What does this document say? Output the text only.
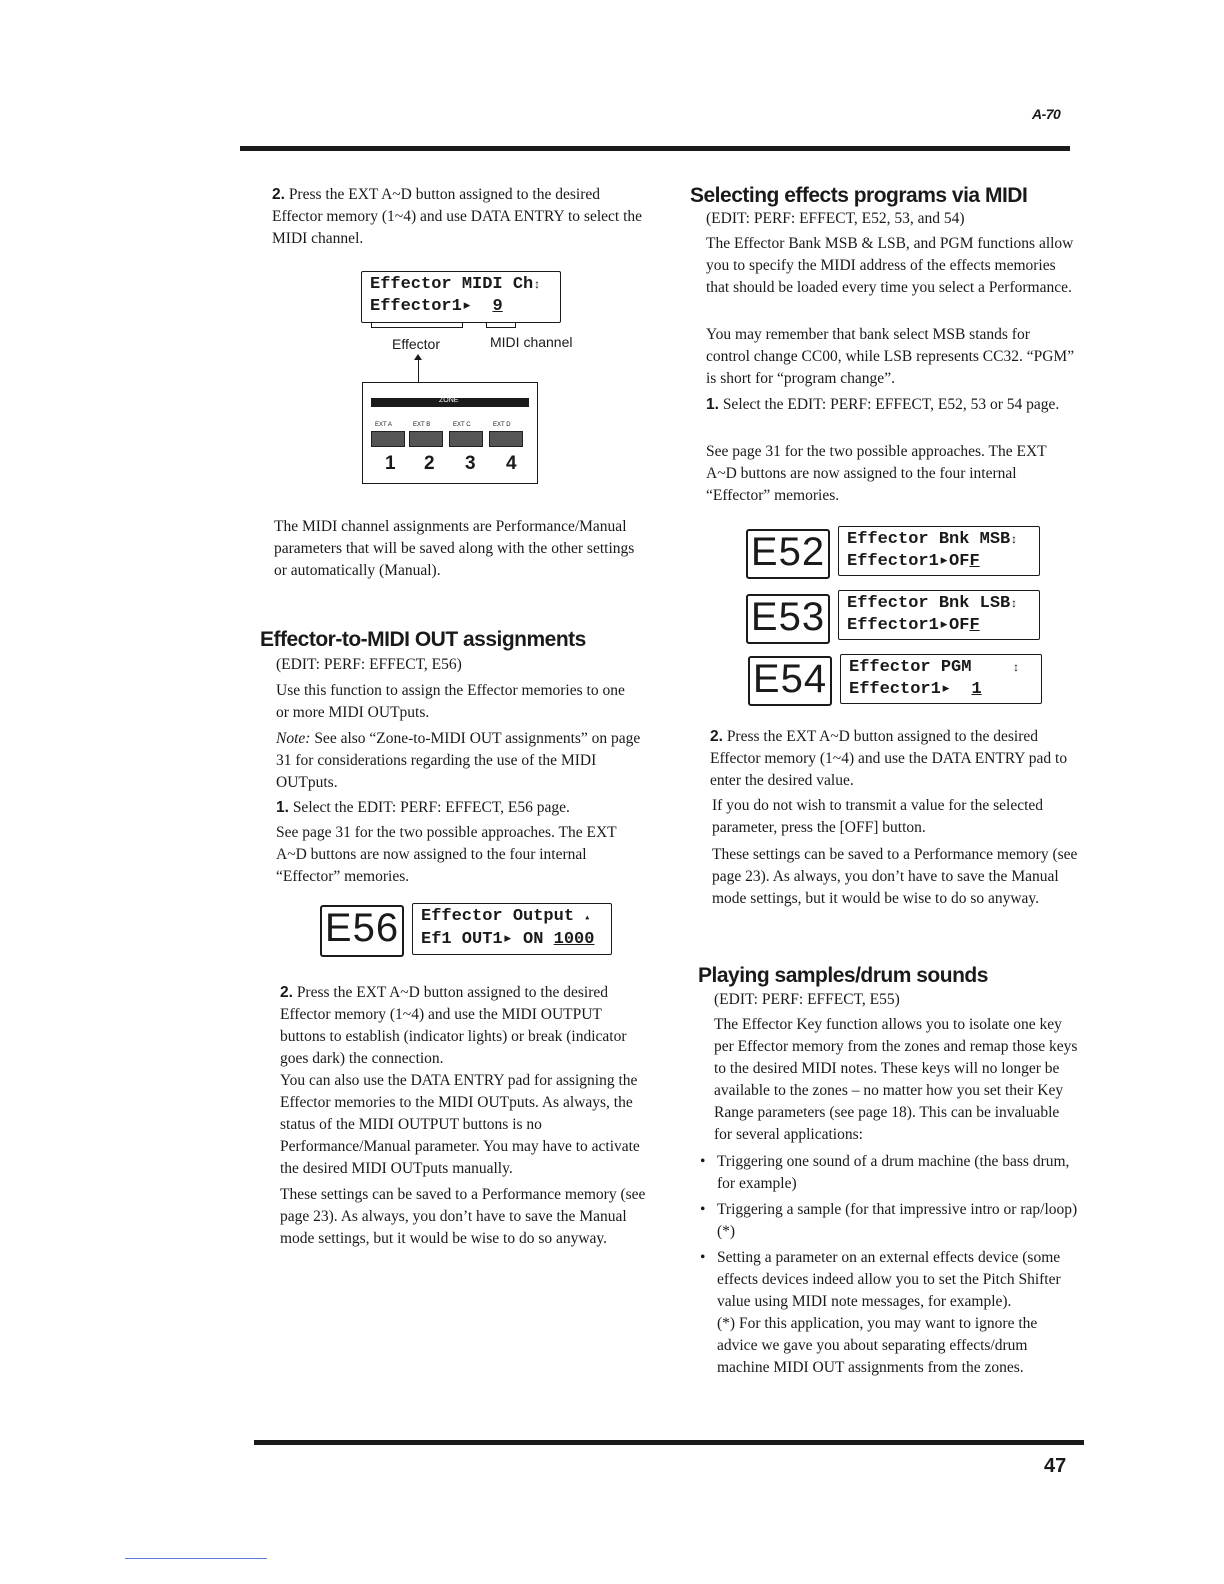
A-70
47

2. Press the EXT A~D button assigned to the desired Effector memory (1~4) and use DATA ENTRY to select the MIDI channel.

Effector MIDI Ch↕
Effector1▸  9
Effector	MIDI channel
ZONE
EXT A	EXT B	EXT C	EXT D
1 2 3 4

The MIDI channel assignments are Performance/Manual parameters that will be saved along with the other settings or automatically (Manual).

Effector-to-MIDI OUT assignments

(EDIT: PERF: EFFECT, E56)

Use this function to assign the Effector memories to one or more MIDI OUTputs.

Note: See also “Zone-to-MIDI OUT assignments” on page 31 for considerations regarding the use of the MIDI OUTputs.

1. Select the EDIT: PERF: EFFECT, E56 page.

See page 31 for the two possible approaches. The EXT A~D buttons are now assigned to the four internal “Effector” memories.

E56 Effector Output ▴
Ef1 OUT1▸ ON 1000

2. Press the EXT A~D button assigned to the desired Effector memory (1~4) and use the MIDI OUTPUT buttons to establish (indicator lights) or break (indicator goes dark) the connection.

You can also use the DATA ENTRY pad for assigning the Effector memories to the MIDI OUTputs. As always, the status of the MIDI OUTPUT buttons is no Performance/Manual parameter. You may have to activate the desired MIDI OUTputs manually.

These settings can be saved to a Performance memory (see page 23). As always, you don’t have to save the Manual mode settings, but it would be wise to do so anyway.

Selecting effects programs via MIDI

(EDIT: PERF: EFFECT, E52, 53, and 54)

The Effector Bank MSB & LSB, and PGM functions allow you to specify the MIDI address of the effects memories that should be loaded every time you select a Performance.

You may remember that bank select MSB stands for control change CC00, while LSB represents CC32. “PGM” is short for “program change”.

1. Select the EDIT: PERF: EFFECT, E52, 53 or 54 page.

See page 31 for the two possible approaches. The EXT A~D buttons are now assigned to the four internal “Effector” memories.

E52 Effector Bnk MSB↕
Effector1▸OFF
E53 Effector Bnk LSB↕
Effector1▸OFF
E54 Effector PGM	↕
Effector1▸  1

2. Press the EXT A~D button assigned to the desired Effector memory (1~4) and use the DATA ENTRY pad to enter the desired value.

If you do not wish to transmit a value for the selected parameter, press the [OFF] button.

These settings can be saved to a Performance memory (see page 23). As always, you don’t have to save the Manual mode settings, but it would be wise to do so anyway.

Playing samples/drum sounds

(EDIT: PERF: EFFECT, E55)

The Effector Key function allows you to isolate one key per Effector memory from the zones and remap those keys to the desired MIDI notes. These keys will no longer be available to the zones – no matter how you set their Key Range parameters (see page 18). This can be invaluable for several applications:

• Triggering one sound of a drum machine (the bass drum, for example)
• Triggering a sample (for that impressive intro or rap/loop) (*)
• Setting a parameter on an external effects device (some effects devices indeed allow you to set the Pitch Shifter value using MIDI note messages, for example).
(*) For this application, you may want to ignore the advice we gave you about separating effects/drum machine MIDI OUT assignments from the zones.
